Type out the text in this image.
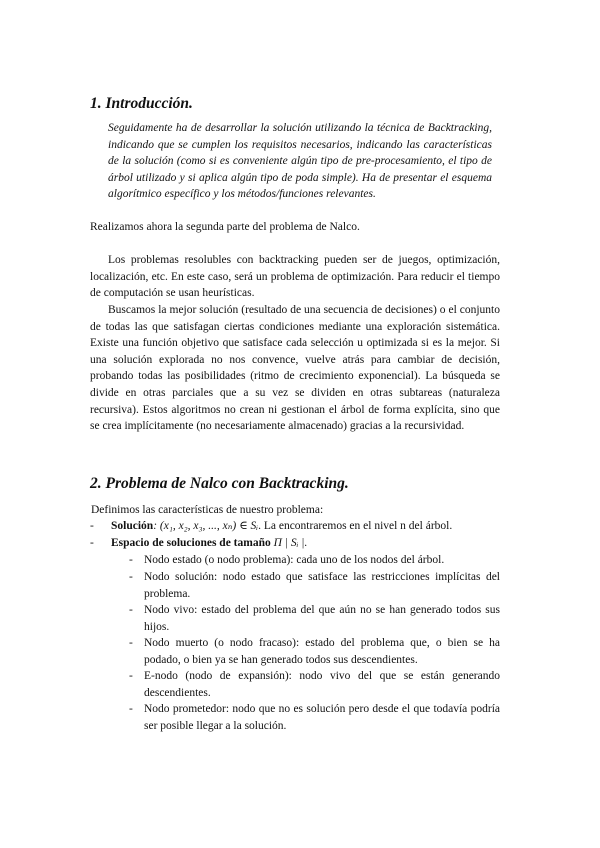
1. Introducción.

Seguidamente ha de desarrollar la solución utilizando la técnica de Backtracking, indicando que se cumplen los requisitos necesarios, indicando las características de la solución (como si es conveniente algún tipo de pre-procesamiento, el tipo de árbol utilizado y si aplica algún tipo de poda simple). Ha de presentar el esquema algorítmico específico y los métodos/funciones relevantes.

Realizamos ahora la segunda parte del problema de Nalco.

Los problemas resolubles con backtracking pueden ser de juegos, optimización, localización, etc. En este caso, será un problema de optimización. Para reducir el tiempo de computación se usan heurísticas.

Buscamos la mejor solución (resultado de una secuencia de decisiones) o el conjunto de todas las que satisfagan ciertas condiciones mediante una exploración sistemática. Existe una función objetivo que satisface cada selección u optimizada si es la mejor. Si una solución explorada no nos convence, vuelve atrás para cambiar de decisión, probando todas las posibilidades (ritmo de crecimiento exponencial). La búsqueda se divide en otras parciales que a su vez se dividen en otras subtareas (naturaleza recursiva). Estos algoritmos no crean ni gestionan el árbol de forma explícita, sino que se crea implícitamente (no necesariamente almacenado) gracias a la recursividad.

2. Problema de Nalco con Backtracking.

Definimos las características de nuestro problema:

- Solución: (x₁, x₂, x₃, ..., xₙ) ∈ Sᵢ. La encontraremos en el nivel n del árbol.
- Espacio de soluciones de tamaño Π | Sᵢ |.
- Nodo estado (o nodo problema): cada uno de los nodos del árbol.
- Nodo solución: nodo estado que satisface las restricciones implícitas del problema.
- Nodo vivo: estado del problema del que aún no se han generado todos sus hijos.
- Nodo muerto (o nodo fracaso): estado del problema que, o bien se ha podado, o bien ya se han generado todos sus descendientes.
- E-nodo (nodo de expansión): nodo vivo del que se están generando descendientes.
- Nodo prometedor: nodo que no es solución pero desde el que todavía podría ser posible llegar a la solución.
